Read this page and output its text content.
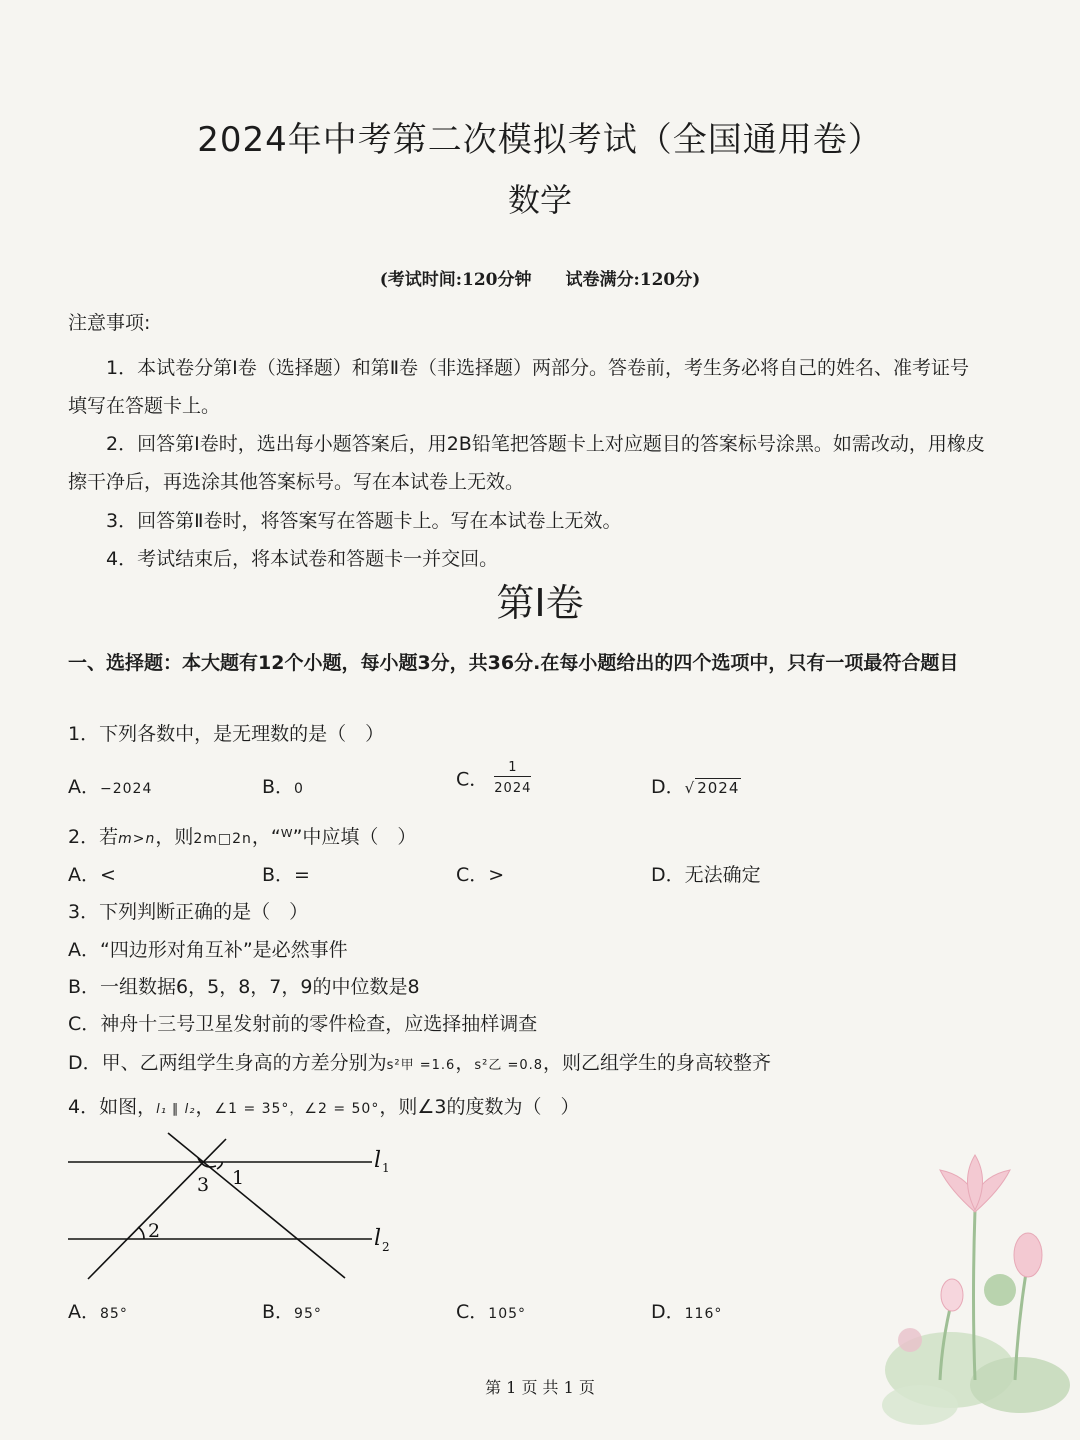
2024年中考第二次模拟考试（全国通用卷）
数学
(考试时间:120分钟 试卷满分:120分)
注意事项:
1．本试卷分第Ⅰ卷（选择题）和第Ⅱ卷（非选择题）两部分。答卷前，考生务必将自己的姓名、准考证号
填写在答题卡上。
2．回答第Ⅰ卷时，选出每小题答案后，用2B铅笔把答题卡上对应题目的答案标号涂黑。如需改动，用橡皮
擦干净后，再选涂其他答案标号。写在本试卷上无效。
3．回答第Ⅱ卷时，将答案写在答题卡上。写在本试卷上无效。
4．考试结束后，将本试卷和答题卡一并交回。
第Ⅰ卷
一、选择题：本大题有12个小题，每小题3分，共36分.在每小题给出的四个选项中，只有一项最符合题目
1．下列各数中，是无理数的是（　）
A．−2024	B．0	C． $\frac{1}{2024}$	D．√ 2024
2．若m>n，则2m□2n，“ᵂ”中应填（　）
A．<	B．=	C．>	D．无法确定
3．下列判断正确的是（　）
A．“四边形对角互补”是必然事件
B．一组数据6，5，8，7，9的中位数是8
C．神舟十三号卫星发射前的零件检查，应选择抽样调查
D．甲、乙两组学生身高的方差分别为s²甲 =1.6，s²乙 =0.8，则乙组学生的身高较整齐
4．如图，l₁ ∥ l₂，∠1 = 35°，∠2 = 50°，则∠3的度数为（　）
3 1
2
l 1
l 2
A．85°	B．95°	C．105°	D．116°
第 1 页 共 1 页
